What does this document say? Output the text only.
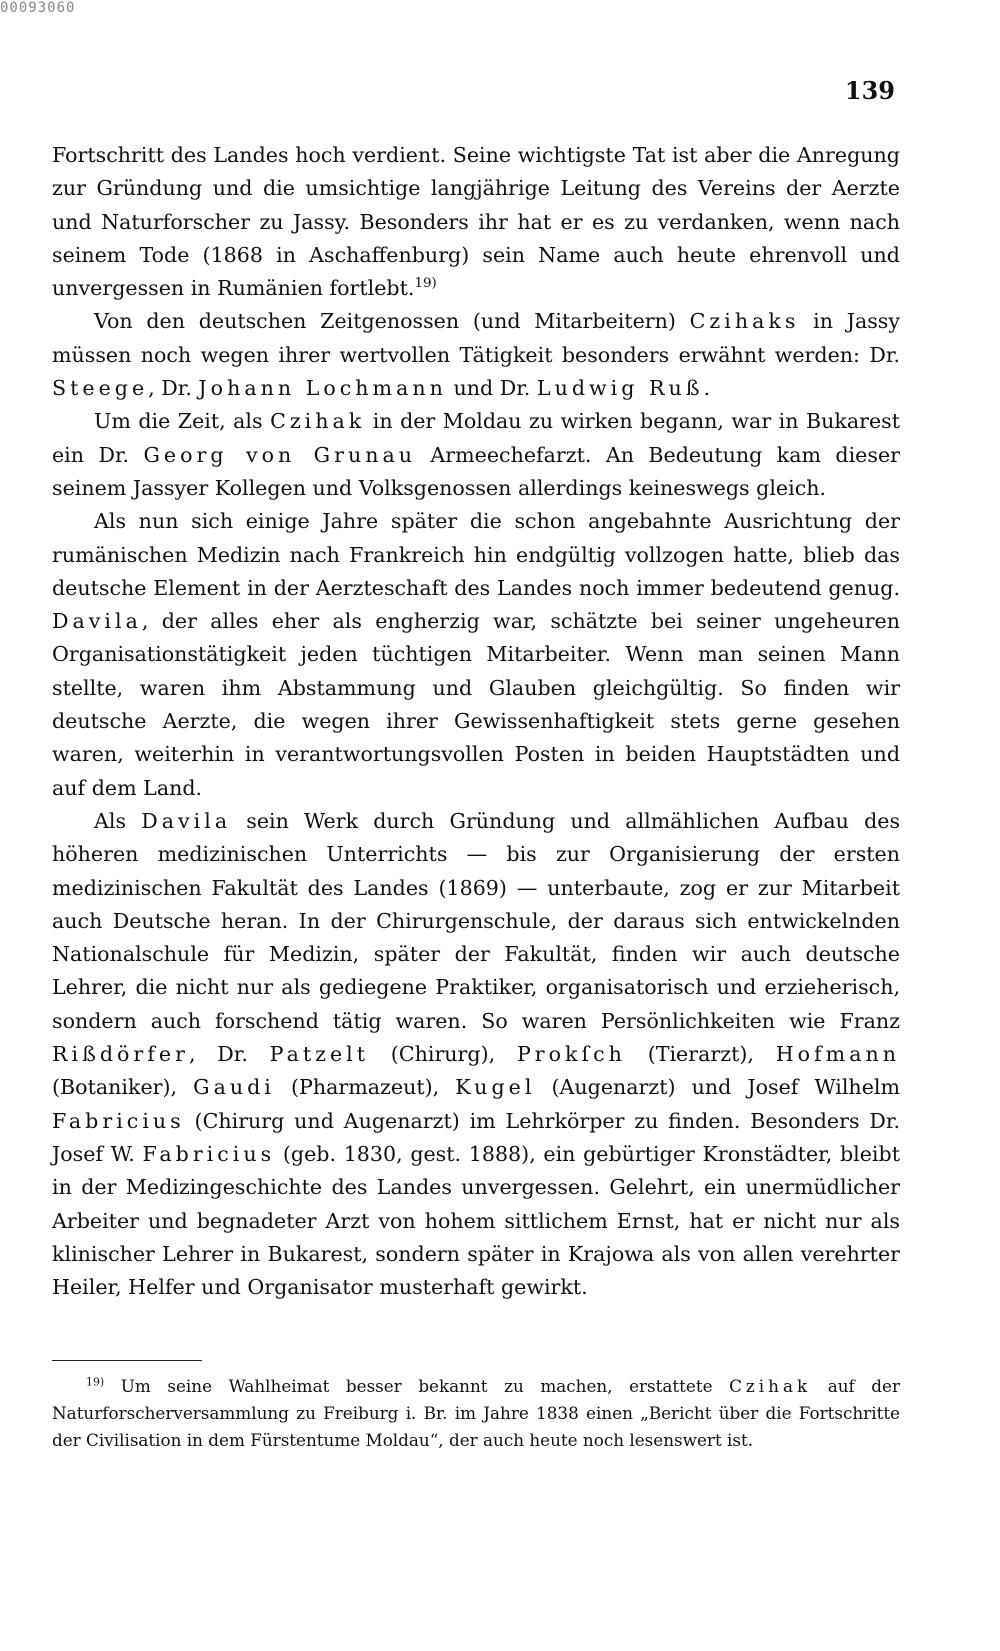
00093060
139

Fortschritt des Landes hoch verdient. Seine wichtigste Tat ist aber die Anregung zur Gründung und die umsichtige langjährige Leitung des Vereins der Aerzte und Naturforscher zu Jassy. Besonders ihr hat er es zu verdanken, wenn nach seinem Tode (1868 in Aschaffenburg) sein Name auch heute ehrenvoll und unvergessen in Rumänien fortlebt.$^{19)}$

Von den deutschen Zeitgenossen (und Mitarbeitern) Czihaks in Jassy müssen noch wegen ihrer wertvollen Tätigkeit besonders erwähnt werden: Dr. Steege, Dr. Johann Lochmann und Dr. Ludwig Ruß.

Um die Zeit, als Czihak in der Moldau zu wirken begann, war in Bukarest ein Dr. Georg von Grunau Armeechefarzt. An Bedeutung kam dieser seinem Jassyer Kollegen und Volksgenossen allerdings keineswegs gleich.

Als nun sich einige Jahre später die schon angebahnte Ausrichtung der rumänischen Medizin nach Frankreich hin endgültig vollzogen hatte, blieb das deutsche Element in der Aerzteschaft des Landes noch immer bedeutend genug. Davila, der alles eher als engherzig war, schätzte bei seiner ungeheuren Organisationstätigkeit jeden tüchtigen Mitarbeiter. Wenn man seinen Mann stellte, waren ihm Abstammung und Glauben gleichgültig. So finden wir deutsche Aerzte, die wegen ihrer Gewissenhaftigkeit stets gerne gesehen waren, weiterhin in verantwortungsvollen Posten in beiden Hauptstädten und auf dem Land.

Als Davila sein Werk durch Gründung und allmählichen Aufbau des höheren medizinischen Unterrichts — bis zur Organisierung der ersten medizinischen Fakultät des Landes (1869) — unterbaute, zog er zur Mitarbeit auch Deutsche heran. In der Chirurgenschule, der daraus sich entwickelnden Nationalschule für Medizin, später der Fakultät, finden wir auch deutsche Lehrer, die nicht nur als gediegene Praktiker, organisatorisch und erzieherisch, sondern auch forschend tätig waren. So waren Persönlichkeiten wie Franz Rißdörfer, Dr. Patzelt (Chirurg), Prokſch (Tierarzt), Hofmann (Botaniker), Gaudi (Pharmazeut), Kugel (Augenarzt) und Josef Wilhelm Fabricius (Chirurg und Augenarzt) im Lehrkörper zu finden. Besonders Dr. Josef W. Fabricius (geb. 1830, gest. 1888), ein gebürtiger Kronstädter, bleibt in der Medizingeschichte des Landes unvergessen. Gelehrt, ein unermüdlicher Arbeiter und begnadeter Arzt von hohem sittlichem Ernst, hat er nicht nur als klinischer Lehrer in Bukarest, sondern später in Krajowa als von allen verehrter Heiler, Helfer und Organisator musterhaft gewirkt.

$^{19)}$ Um seine Wahlheimat besser bekannt zu machen, erstattete Czihak auf der Naturforscherversammlung zu Freiburg i. Br. im Jahre 1838 einen „Bericht über die Fortschritte der Civilisation in dem Fürstentume Moldau“, der auch heute noch lesenswert ist.
